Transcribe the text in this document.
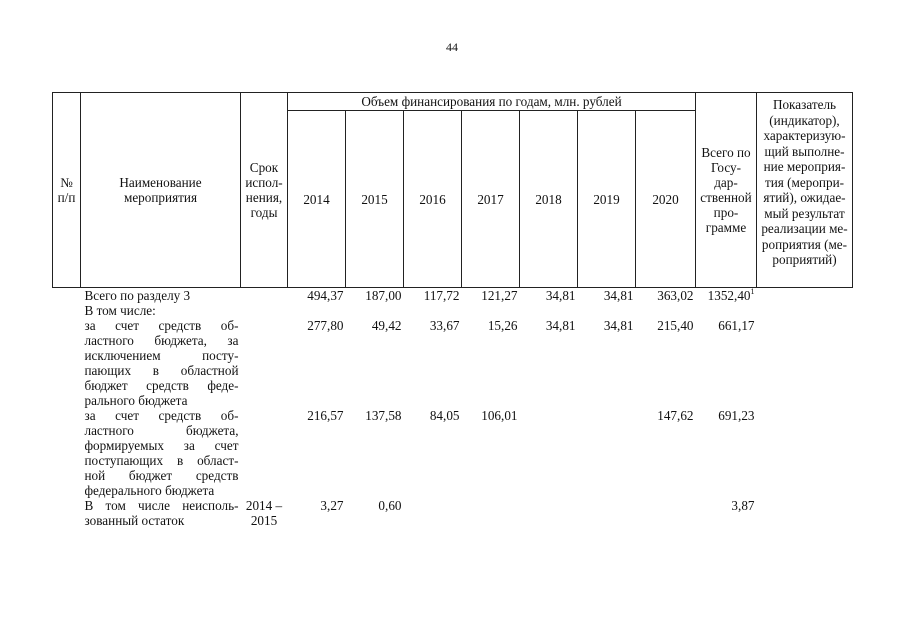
44
№ п/п	Наименование мероприятия	Срок испол- нения, годы	Объем финансирования по годам, млн. рублей							Всего по Госу- дар- ственной про- грамме	Показатель (индикатор), характеризую- щий выполне- ние мероприя- тия (меропри- ятий), ожидае- мый результат реализации ме- роприятия (ме- роприятий)
			2014	2015	2016	2017	2018	2019	2020		
	Всего по разделу 3		494,37	187,00	117,72	121,27	34,81	34,81	363,02	1352,40$^1$	
	В том числе:										
	за счет средств об- ластного бюджета, за исключением посту- пающих в областной бюджет средств феде- рального бюджета		277,80	49,42	33,67	15,26	34,81	34,81	215,40	661,17	
	за счет средств об- ластного бюджета, формируемых за счет поступающих в област- ной бюджет средств федерального бюджета		216,57	137,58	84,05	106,01			147,62	691,23	
	В том числе неисполь- зованный остаток	2014 – 2015	3,27	0,60						3,87	
